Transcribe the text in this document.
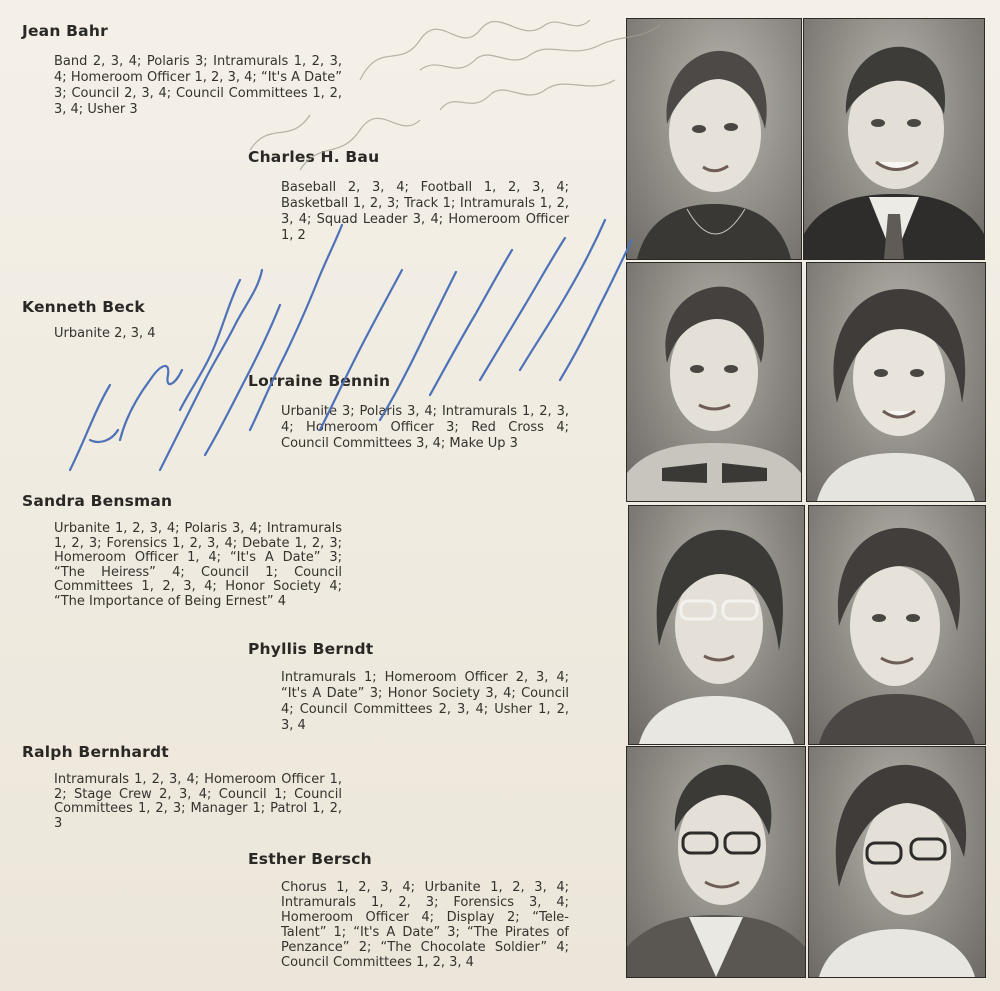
Jean Bahr
Band 2, 3, 4; Polaris 3; Intramurals 1, 2, 3, 4; Homeroom Officer 1, 2, 3, 4; “It's A Date” 3; Council 2, 3, 4; Council Committees 1, 2, 3, 4; Usher 3
Charles H. Bau
Baseball 2, 3, 4; Football 1, 2, 3, 4; Basketball 1, 2, 3; Track 1; Intramurals 1, 2, 3, 4; Squad Leader 3, 4; Homeroom Officer 1, 2
Kenneth Beck
Urbanite 2, 3, 4
Lorraine Bennin
Urbanite 3; Polaris 3, 4; Intramurals 1, 2, 3, 4; Homeroom Officer 3; Red Cross 4; Council Committees 3, 4; Make Up 3
Sandra Bensman
Urbanite 1, 2, 3, 4; Polaris 3, 4; Intramurals 1, 2, 3; Forensics 1, 2, 3, 4; Debate 1, 2, 3; Homeroom Officer 1, 4; “It's A Date” 3; “The Heiress” 4; Council 1; Council Committees 1, 2, 3, 4; Honor Society 4; “The Importance of Being Ernest” 4
Phyllis Berndt
Intramurals 1; Homeroom Officer 2, 3, 4; “It's A Date” 3; Honor Society 3, 4; Council 4; Council Committees 2, 3, 4; Usher 1, 2, 3, 4
Ralph Bernhardt
Intramurals 1, 2, 3, 4; Homeroom Officer 1, 2; Stage Crew 2, 3, 4; Council 1; Council Committees 1, 2, 3; Manager 1; Patrol 1, 2, 3
Esther Bersch
Chorus 1, 2, 3, 4; Urbanite 1, 2, 3, 4; Intramurals 1, 2, 3; Forensics 3, 4; Homeroom Officer 4; Display 2; “Tele-Talent” 1; “It's A Date” 3; “The Pirates of Penzance” 2; “The Chocolate Soldier” 4; Council Committees 1, 2, 3, 4
